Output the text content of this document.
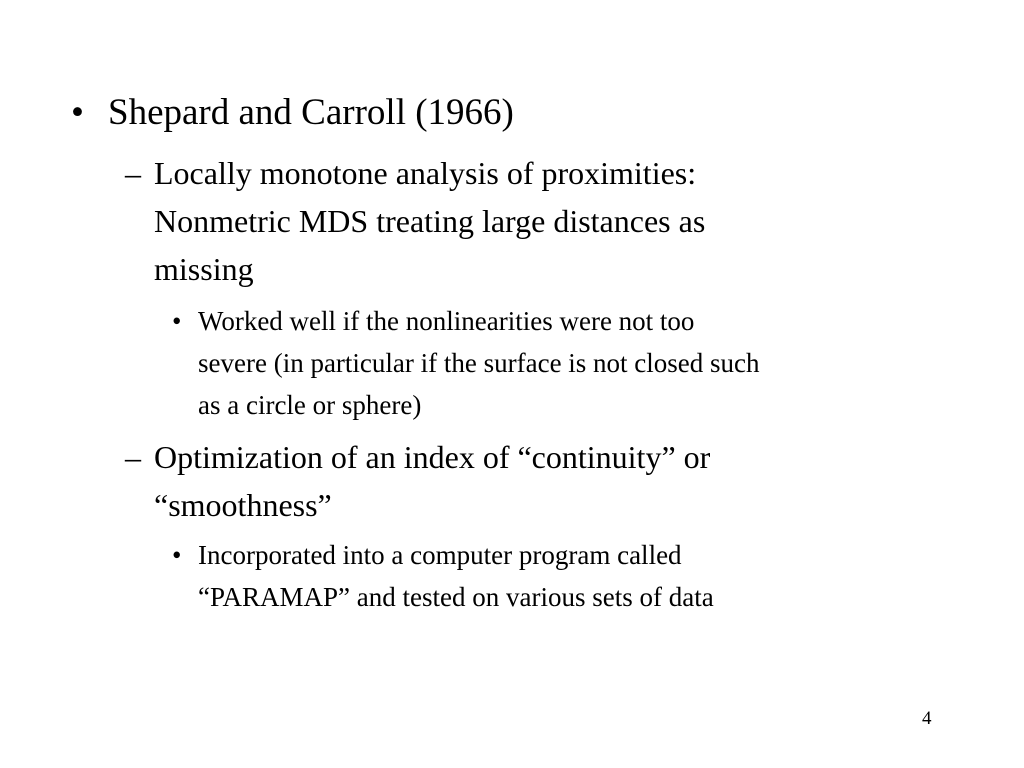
• Shepard and Carroll (1966)
– Locally monotone analysis of proximities:
Nonmetric MDS treating large distances as
missing
• Worked well if the nonlinearities were not too
severe (in particular if the surface is not closed such
as a circle or sphere)
– Optimization of an index of “continuity” or
“smoothness”
• Incorporated into a computer program called
“PARAMAP” and tested on various sets of data
4
